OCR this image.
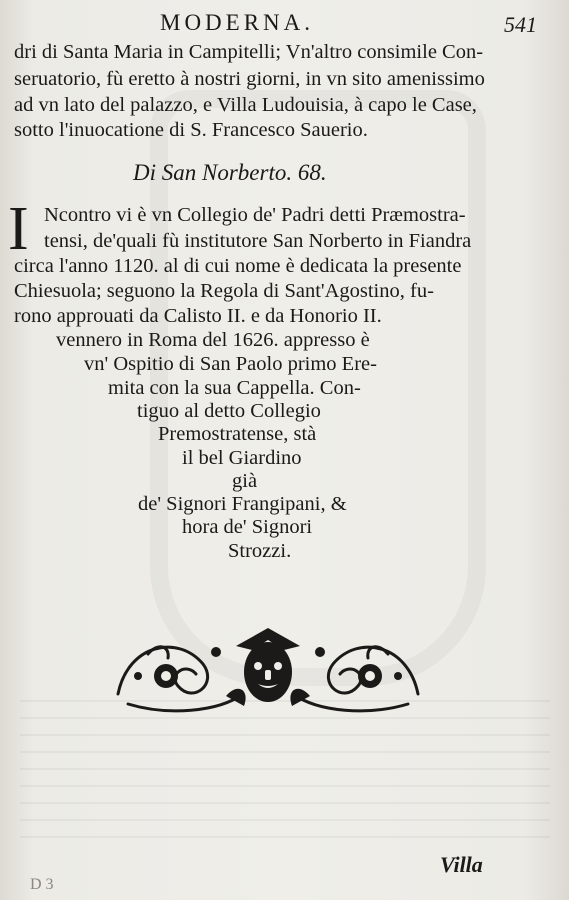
MODERNA.	541
dri di Santa Maria in Campitelli; Vn'altro consimile Con-
seruatorio, fù eretto à nostri giorni, in vn sito amenissimo
ad vn lato del palazzo, e Villa Ludouisia, à capo le Case,
sotto l'inuocatione di S. Francesco Sauerio.
Di San Norberto. 68.
I Ncontro vi è vn Collegio de' Padri detti Præmostra-
tensi, de'quali fù institutore San Norberto in Fiandra
circa l'anno 1120. al di cui nome è dedicata la presente
Chiesuola; seguono la Regola di Sant'Agostino, fu-
rono approuati da Calisto II. e da Honorio II.
vennero in Roma del 1626. appresso è
vn' Ospitio di San Paolo primo Ere-
mita con la sua Cappella. Con-
tiguo al detto Collegio
Premostratense, stà
il bel Giardino
già
de' Signori Frangipani, &
hora de' Signori
Strozzi.
Villa
D 3
